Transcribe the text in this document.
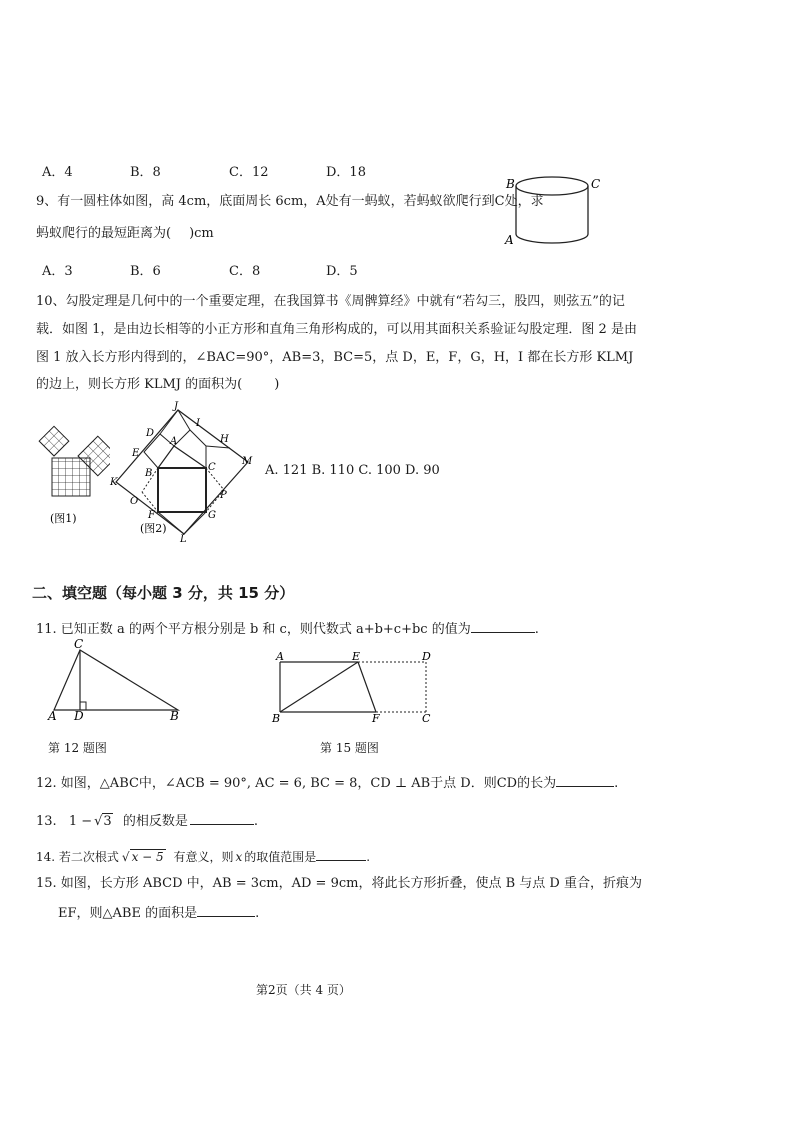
A．4	B．8	C．12	D．18
9、有一圆柱体如图，高 4cm，底面周长 6cm，A处有一蚂蚁，若蚂蚁欲爬行到C处，求
蚂蚁爬行的最短距离为( )cm
A．3	B．6	C．8	D．5
B	C
A
10、勾股定理是几何中的一个重要定理，在我国算书《周髀算经》中就有“若勾三，股四，则弦五”的记
载．如图 1，是由边长相等的小正方形和直角三角形构成的，可以用其面积关系验证勾股定理．图 2 是由
图 1 放入长方形内得到的，∠BAC=90°，AB=3，BC=5，点 D，E，F，G，H，I 都在长方形 KLMJ
的边上，则长方形 KLMJ 的面积为( )
(图1)
J
I
D
A	H
E
C
M
B
K
O
P
F	G
L
(图2)
A. 121 B. 110 C. 100 D. 90
二、填空题（每小题 3 分，共 15 分）
11. 已知正数 a 的两个平方根分别是 b 和 c，则代数式 a+b+c+bc 的值为	.
C
A D	B
第 12 题图
A	E	D
B	F	C
第 15 题图
12. 如图，△ABC中，∠ACB = 90°, AC = 6, BC = 8，CD ⊥ AB于点 D．则CD的长为	.
13. 1 − √3 的相反数是	.
14. 若二次根式 √ x − 5 有意义，则 x 的取值范围是	.
15. 如图，长方形 ABCD 中，AB = 3cm，AD = 9cm，将此长方形折叠，使点 B 与点 D 重合，折痕为
EF，则△ABE 的面积是	.
第2页（共 4 页）
